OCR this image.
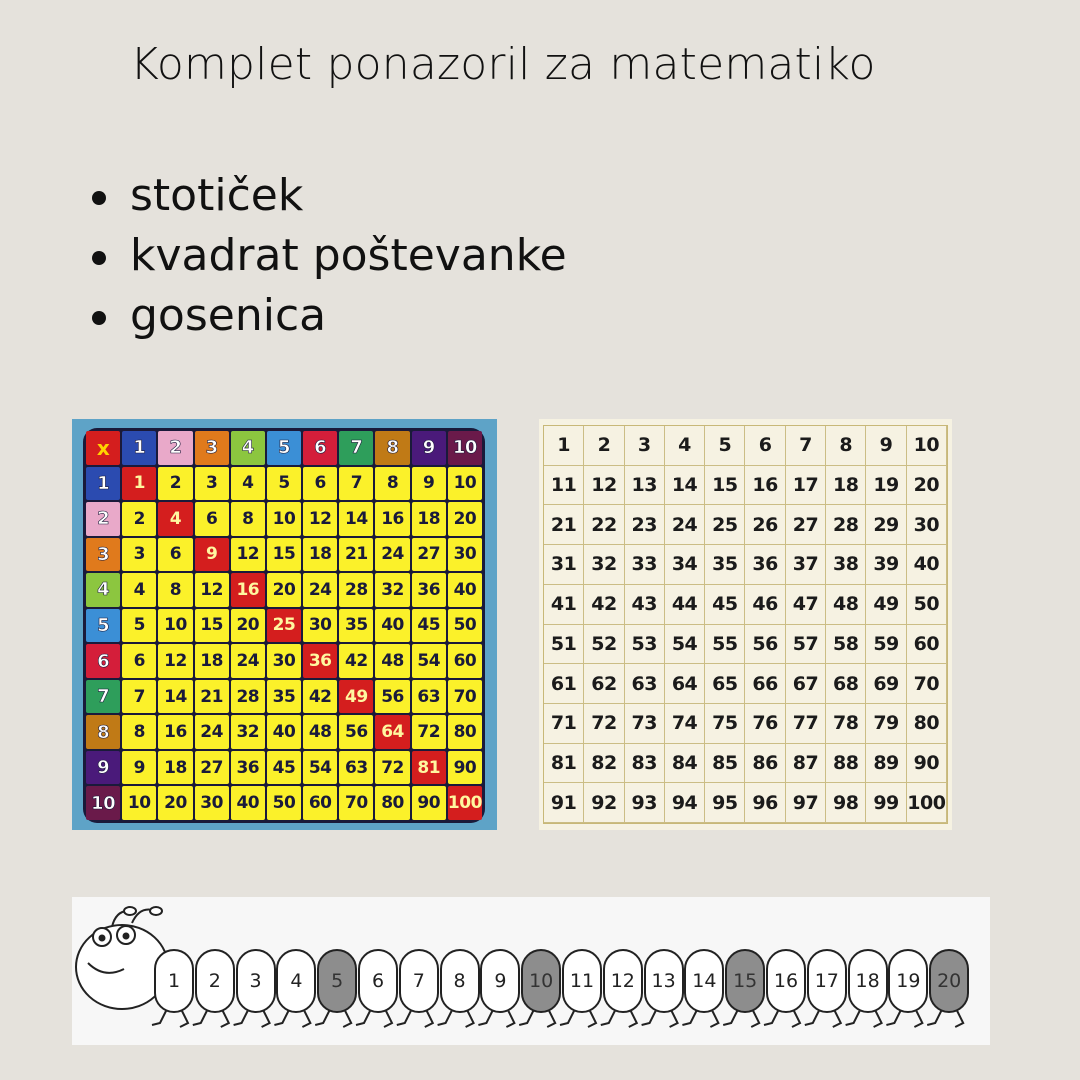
Komplet ponazoril za matematiko
stotiček
kvadrat poštevanke
gosenica
x	1	2	3	4	5	6	7	8	9	10
1	1	2	3	4	5	6	7	8	9	10
2	2	4	6	8	10 12 14 16 18 20
3	3	6	9	12 15 18 21 24 27 30
4	4	8	12 16 20 24 28 32 36 40
5	5	10 15 20 25 30 35 40 45 50
6	6	12 18 24 30 36 42 48 54 60
7	7	14 21 28 35 42 49 56 63 70
8	8	16 24 32 40 48 56 64 72 80
9	9	18 27 36 45 54 63 72 81 90
10 10 20 30 40 50 60 70 80 90 100
1	2	3	4	5	6	7	8	9	10
11 12 13 14 15 16 17 18 19 20
21 22 23 24 25 26 27 28 29 30
31 32 33 34 35 36 37 38 39 40
41 42 43 44 45 46 47 48 49 50
51 52 53 54 55 56 57 58 59 60
61 62 63 64 65 66 67 68 69 70
71 72 73 74 75 76 77 78 79 80
81 82 83 84 85 86 87 88 89 90
91 92 93 94 95 96 97 98 99 100
1	2	3	4	5	6	7	8	9	10 11 12 13 14 15 16 17 18 19 20
